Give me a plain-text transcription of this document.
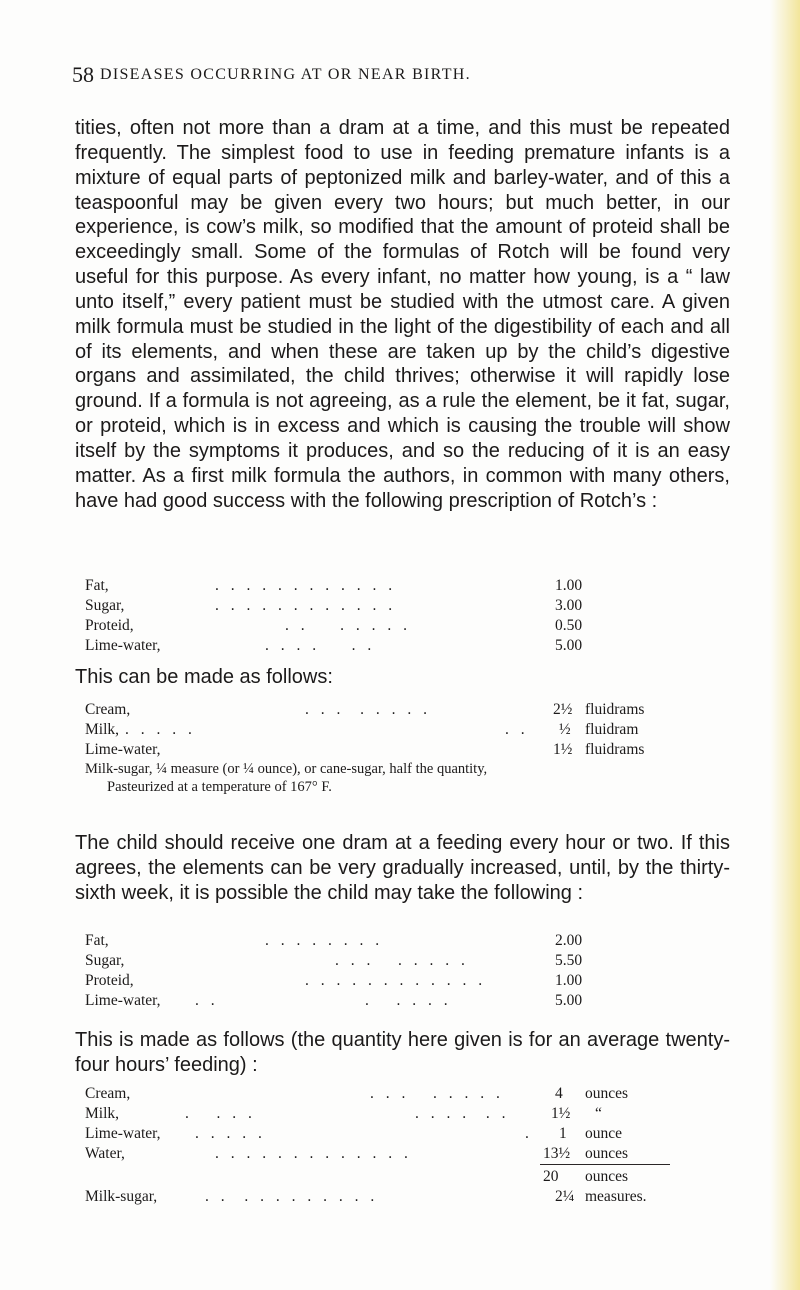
58 DISEASES OCCURRING AT OR NEAR BIRTH.

tities, often not more than a dram at a time, and this must be repeated frequently. The simplest food to use in feeding premature infants is a mixture of equal parts of peptonized milk and barley-water, and of this a teaspoonful may be given every two hours; but much better, in our experience, is cow’s milk, so modified that the amount of proteid shall be exceedingly small. Some of the formulas of Rotch will be found very useful for this purpose. As every infant, no matter how young, is a “ law unto itself,” every patient must be studied with the utmost care. A given milk formula must be studied in the light of the digestibility of each and all of its elements, and when these are taken up by the child’s digestive organs and assimilated, the child thrives; otherwise it will rapidly lose ground. If a formula is not agreeing, as a rule the element, be it fat, sugar, or proteid, which is in excess and which is causing the trouble will show itself by the symptoms it produces, and so the reducing of it is an easy matter. As a first milk formula the authors, in common with many others, have had good success with the following prescription of Rotch’s :

Fat,	. . . . . . . . . . . .	1.00
Sugar,	. . . . . . . . . . . .	3.00
Proteid,	. .    . . . . .	0.50
Lime-water,	. . . .    . .	5.00
This can be made as follows:
Cream,	. . .  . . . . .	2½ fluidrams
Milk, . . . . .	. . ½ fluidram
Lime-water,	1½ fluidrams
Milk-sugar, ¼ measure (or ¼ ounce), or cane-sugar, half the quantity, Pasteurized at a temperature of 167° F.

The child should receive one dram at a feeding every hour or two. If this agrees, the elements can be very gradually increased, until, by the thirty-sixth week, it is possible the child may take the following :

Fat,	. . . . . . . .	2.00
Sugar,	. . .   . . . . .	5.50
Proteid,	. . . . . . . . . . . .	1.00
Lime-water, . .	.   . . . .	5.00

This is made as follows (the quantity here given is for an average twenty-four hours’ feeding) :

Cream,	. . .   . . . . .	4 ounces
Milk,	.   . . .	. . . .  . .	1½ “
Lime-water, . . . . .	. 1 ounce
Water,	. . . . . . . . . . . . .	13½ ounces
20 ounces
Milk-sugar,	. .  . . . . . . . . .	2¼ measures.
